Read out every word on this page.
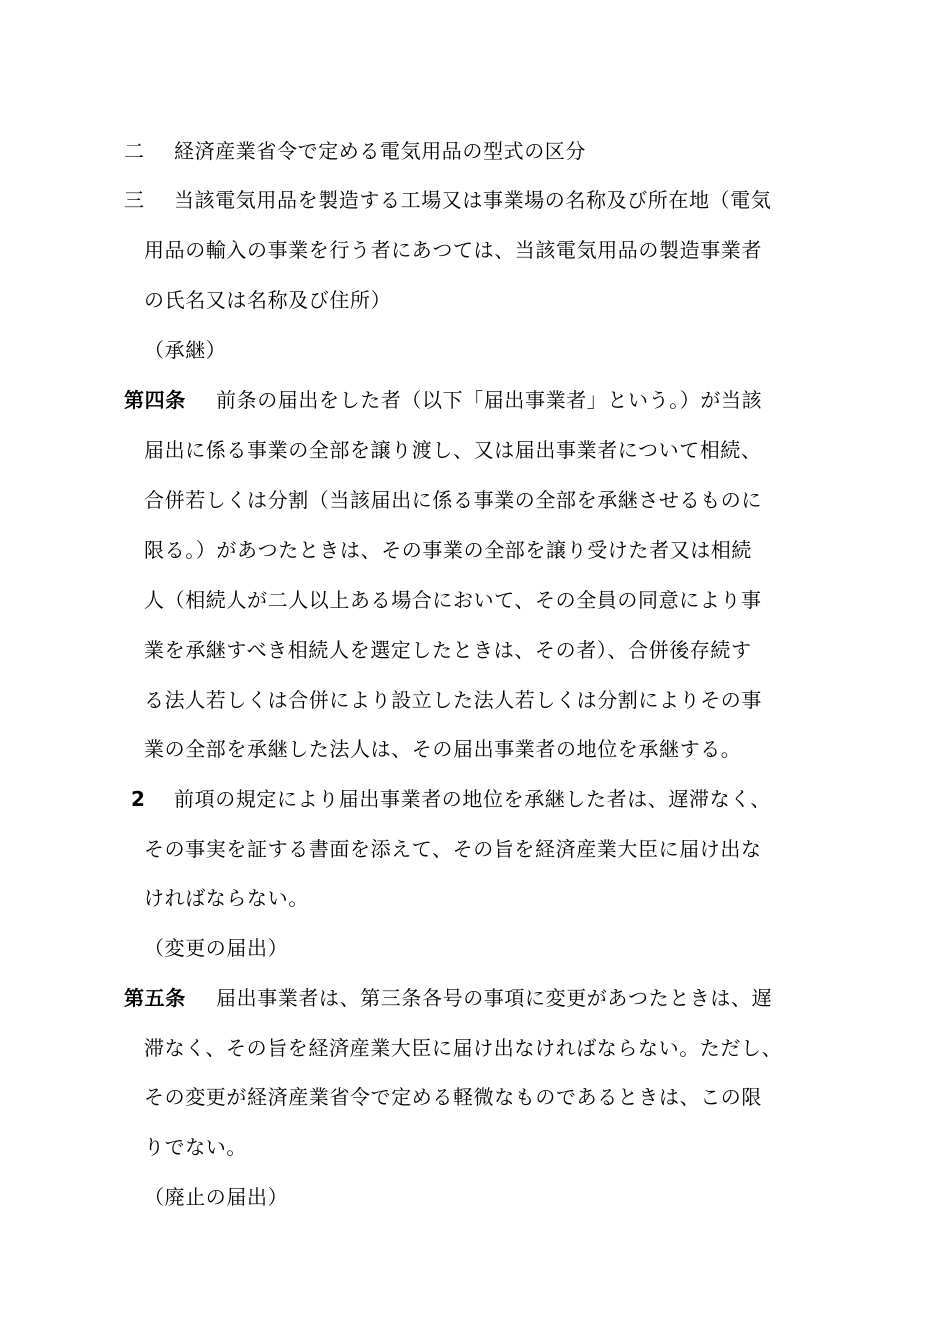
二 経済産業省令で定める電気用品の型式の区分
三 当該電気用品を製造する工場又は事業場の名称及び所在地（電気
用品の輸入の事業を行う者にあつては、当該電気用品の製造事業者
の氏名又は名称及び住所）
（承継）
第四条 前条の届出をした者（以下「届出事業者」という。）が当該
届出に係る事業の全部を譲り渡し、又は届出事業者について相続、
合併若しくは分割（当該届出に係る事業の全部を承継させるものに
限る。）があつたときは、その事業の全部を譲り受けた者又は相続
人（相続人が二人以上ある場合において、その全員の同意により事
業を承継すべき相続人を選定したときは、その者）、合併後存続す
る法人若しくは合併により設立した法人若しくは分割によりその事
業の全部を承継した法人は、その届出事業者の地位を承継する。
2 前項の規定により届出事業者の地位を承継した者は、遅滞なく、
その事実を証する書面を添えて、その旨を経済産業大臣に届け出な
ければならない。
（変更の届出）
第五条 届出事業者は、第三条各号の事項に変更があつたときは、遅
滞なく、その旨を経済産業大臣に届け出なければならない。ただし、
その変更が経済産業省令で定める軽微なものであるときは、この限
りでない。
（廃止の届出）
